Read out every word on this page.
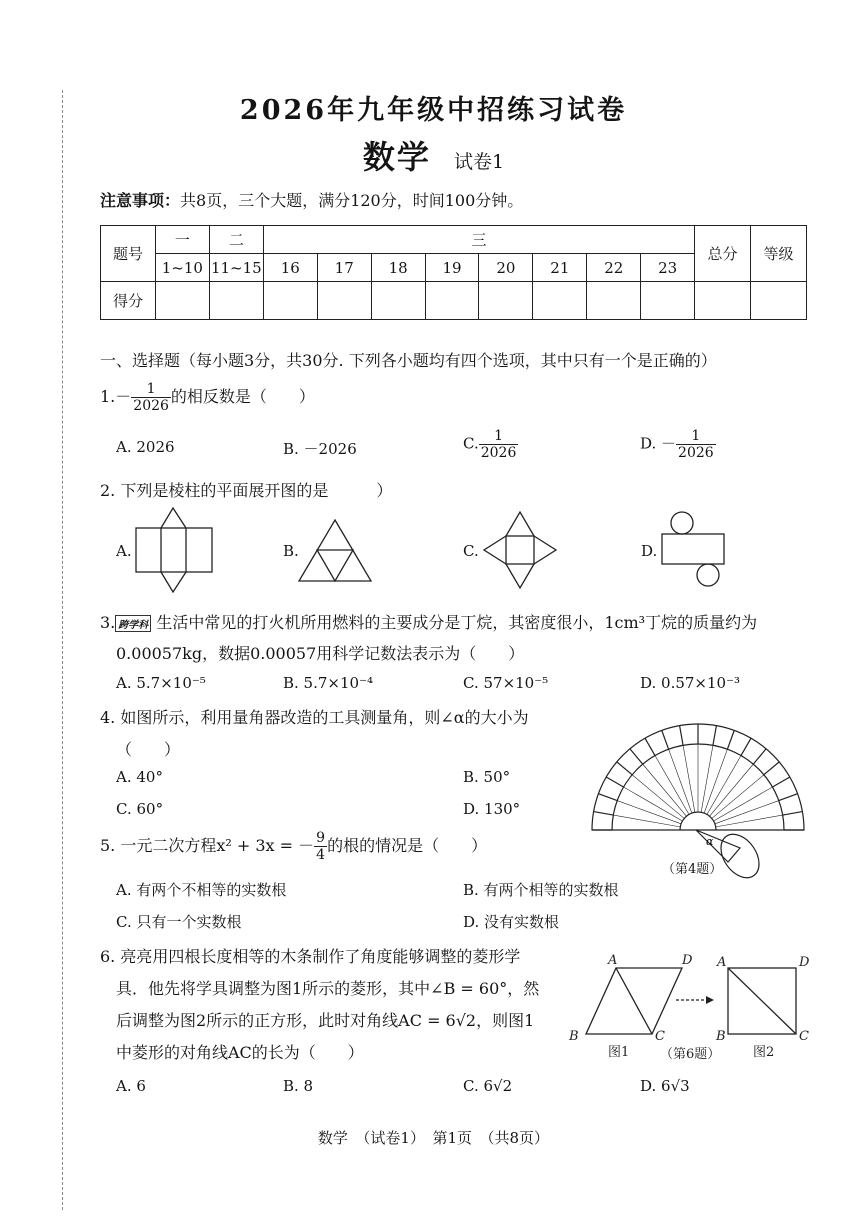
2026年九年级中招练习试卷
数学 试卷1
注意事项：共8页，三个大题，满分120分，时间100分钟。
题号	一	二	三								总分	等级
	1~10	11~15	16	17	18	19	20	21	22	23		
得分												
一、选择题（每小题3分，共30分. 下列各小题均有四个选项，其中只有一个是正确的）
$1.- \frac{1}{2026}$ 的相反数是（　　）
A. 2026	B. －2026	C. $\frac{1}{2026}$	D. － $\frac{1}{2026}$
2. 下列是棱柱的平面展开图的是　　　）
A.	B.	C.	D.
3. 跨学科 生活中常见的打火机所用燃料的主要成分是丁烷，其密度很小，1cm³丁烷的质量约为
0.00057kg，数据0.00057用科学记数法表示为（　　）
A. 5.7×10⁻⁵	B. 5.7×10⁻⁴	C. 57×10⁻⁵	D. 0.57×10⁻³
4. 如图所示，利用量角器改造的工具测量角，则∠α的大小为
（　　）
A. 40°	B. 50°
C. 60°	D. 130°
α
（第4题）
5. 一元二次方程x² + 3x = － $\frac{9}{4}$ 的根的情况是（　　）
A. 有两个不相等的实数根	B. 有两个相等的实数根
C. 只有一个实数根	D. 没有实数根
6. 亮亮用四根长度相等的木条制作了角度能够调整的菱形学
具．他先将学具调整为图1所示的菱形，其中∠B = 60°，然
后调整为图2所示的正方形，此时对角线AC = 6√2，则图1
中菱形的对角线AC的长为（　　）
A. 6	B. 8	C. 6√2	D. 6√3
A	D
B	C
A	D
B	C
图1 （第6题）	图2
数学　（试卷1）　第1页　（共8页）
